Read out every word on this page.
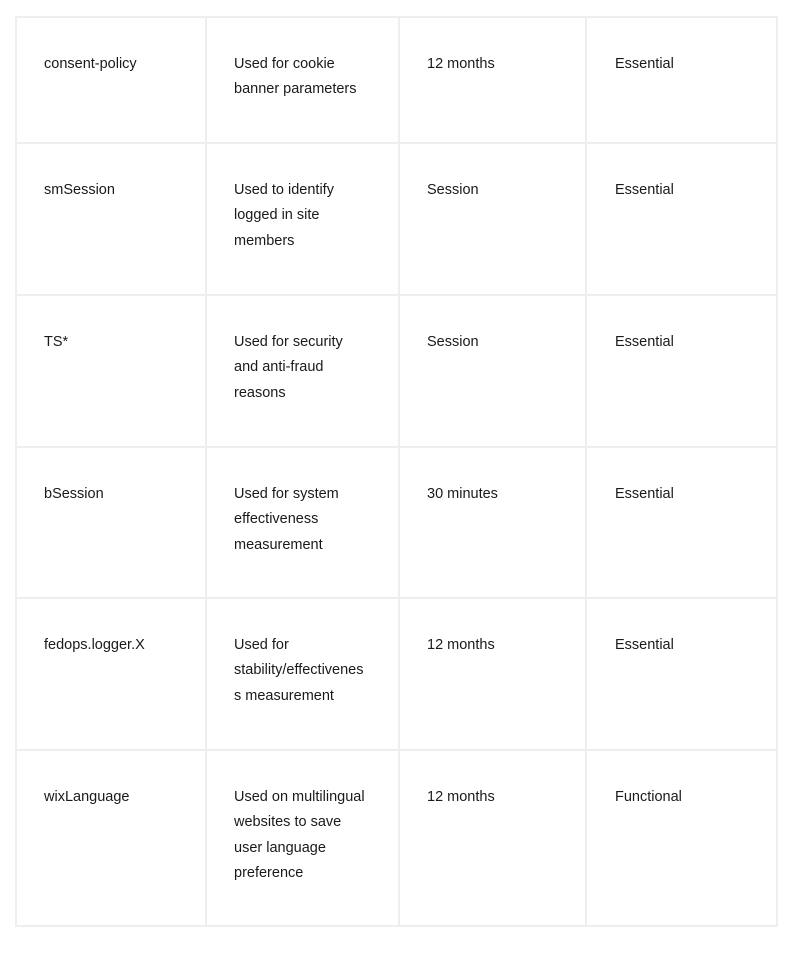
consent-policy	Used for cookie banner parameters	12 months	Essential

smSession	Used to identify logged in site members	Session	Essential

TS*	Used for security and anti-fraud reasons	Session	Essential

bSession	Used for system effectiveness measurement	30 minutes	Essential

fedops.logger.X	Used for stability/effectiveness measurement	12 months	Essential

wixLanguage	Used on multilingual websites to save user language preference	12 months	Functional
